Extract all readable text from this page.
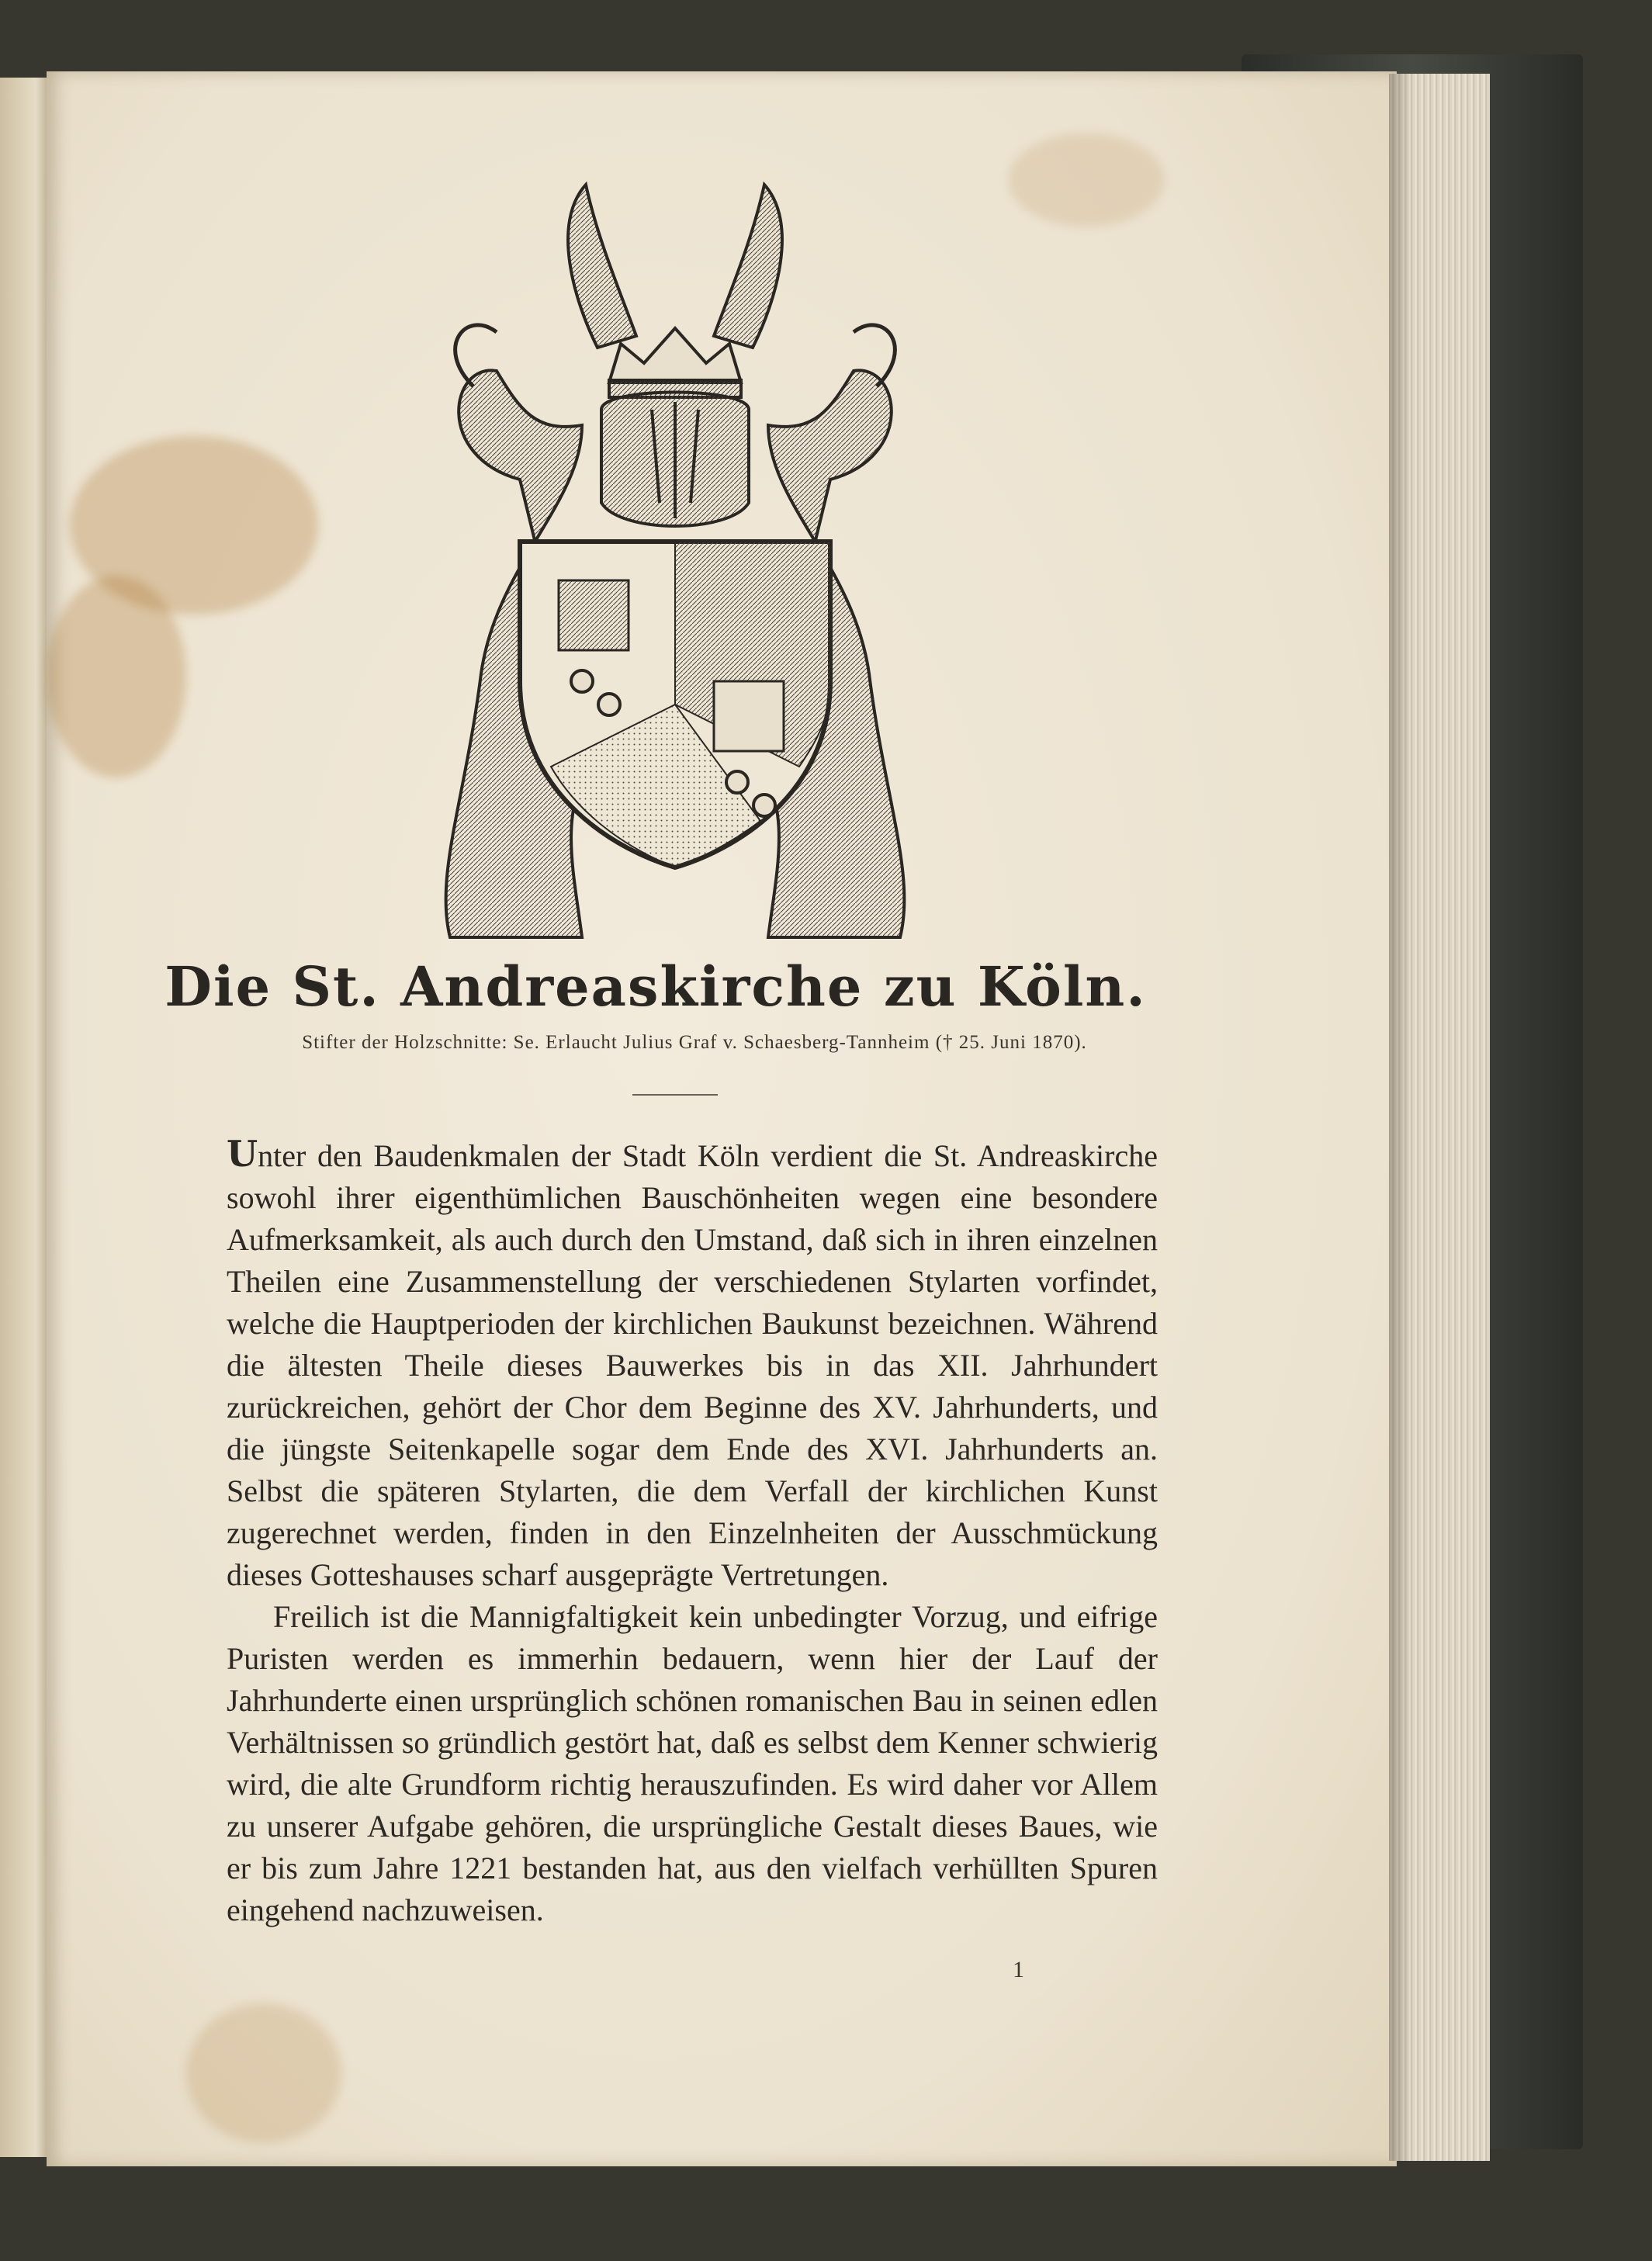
Die St. Andreaskirche zu Köln.
Stifter der Holzschnitte: Se. Erlaucht Julius Graf v. Schaesberg-Tannheim († 25. Juni 1870).

Unter den Baudenkmalen der Stadt Köln verdient die St. Andreaskirche sowohl ihrer eigenthümlichen Bauschönheiten wegen eine besondere Aufmerksamkeit, als auch durch den Umstand, daß sich in ihren einzelnen Theilen eine Zusammenstellung der verschiedenen Stylarten vorfindet, welche die Hauptperioden der kirchlichen Baukunst bezeichnen. Während die ältesten Theile dieses Bauwerkes bis in das XII. Jahrhundert zurückreichen, gehört der Chor dem Beginne des XV. Jahrhunderts, und die jüngste Seitenkapelle sogar dem Ende des XVI. Jahrhunderts an. Selbst die späteren Stylarten, die dem Verfall der kirchlichen Kunst zugerechnet werden, finden in den Einzelnheiten der Ausschmückung dieses Gotteshauses scharf ausgeprägte Vertretungen.

Freilich ist die Mannigfaltigkeit kein unbedingter Vorzug, und eifrige Puristen werden es immerhin bedauern, wenn hier der Lauf der Jahrhunderte einen ursprünglich schönen romanischen Bau in seinen edlen Verhältnissen so gründlich gestört hat, daß es selbst dem Kenner schwierig wird, die alte Grundform richtig herauszufinden. Es wird daher vor Allem zu unserer Aufgabe gehören, die ursprüngliche Gestalt dieses Baues, wie er bis zum Jahre 1221 bestanden hat, aus den vielfach verhüllten Spuren eingehend nachzuweisen.

1
